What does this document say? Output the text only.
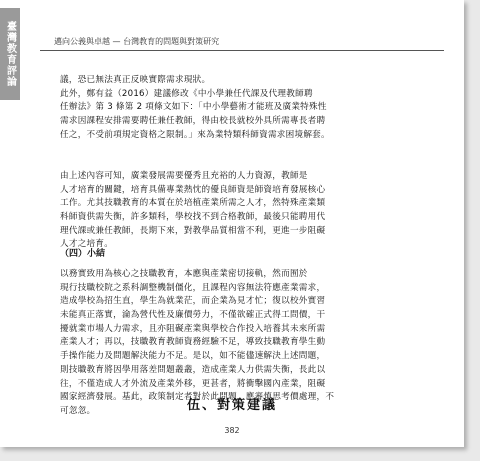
臺灣教育評論	邁向公義與卓越 — 台灣教育的問題與對策研究
議，恐已無法真正反映實際需求現狀。
此外，鄭有益（2016）建議修改《中小學兼任代課及代理教師聘
任辦法》第 3 條第 2 項條文如下：「中小學藝術才能班及廣業特殊性
需求因課程安排需要聘任兼任教師，得由校長就校外具所需專長者聘
任之，不受前項規定資格之限制。」來為業特類科師資需求困境解套。
由上述內容可知，廣業發展需要優秀且充裕的人力資源，教師是
人才培育的關鍵，培育具備專業熱忱的優良師資是師資培育發展核心
工作。尤其技職教育的本質在於培植產業所需之人才，然特殊產業類
科師資供需失衡，許多類科，學校找不到合格教師，最後只能聘用代
理代課或兼任教師，長期下來，對教學品質相當不利，更進一步阻礙
人才之培育。
（四）小結
以務實致用為核心之技職教育，本應與產業密切接軌，然而囿於
現行技職校院之系科調整機制僵化，且課程內容無法符應產業需求，
造成學校為招生直，學生為就業茫，而企業為見才忙；復以校外實習
未能真正落實，淪為營代性及廉價勞力，不僅欲確正式得工問價，干
擾就業市場人力需求，且亦阻礙產業與學校合作投入培養其未來所需
產業人才；再以，技職教育教師資務經驗不足，導致技職教育學生動
手操作能力及問題解決能力不足。是以，如不能儘速解決上述問題，
則技職教育將因學用落差問題叢叢，造成產業人力供需失衡，長此以
往，不僅造成人才外流及產業外移，更甚者，將衝擊國內產業，阻礙
國家經濟發展。基此，政策制定者對於此問題，應審慎思考價處理，不
可忽忽。	伍、對策建議
382
